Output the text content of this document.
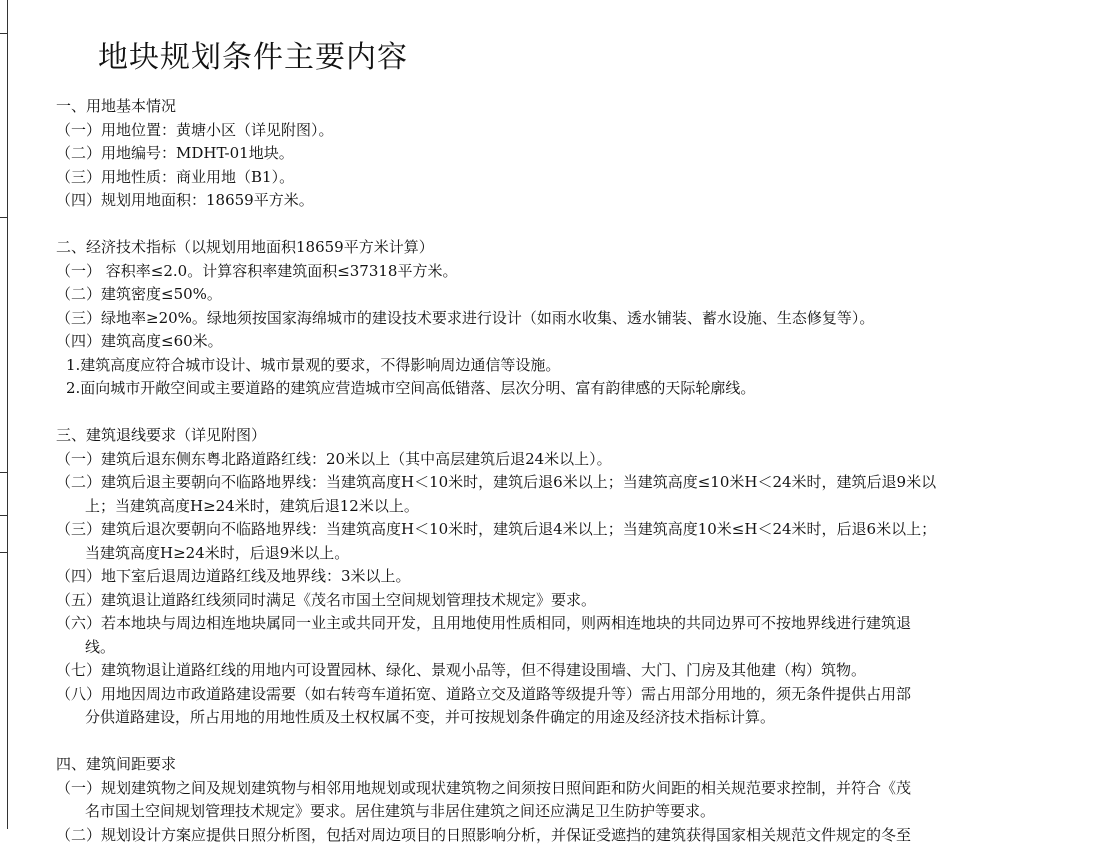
地块规划条件主要内容
一、用地基本情况
（一）用地位置：黄塘小区（详见附图）。
（二）用地编号：MDHT-01地块。
（三）用地性质：商业用地（B1）。
（四）规划用地面积：18659平方米。
二、经济技术指标（以规划用地面积18659平方米计算）
（一） 容积率≤2.0。计算容积率建筑面积≤37318平方米。
（二）建筑密度≤50%。
（三）绿地率≥20%。绿地须按国家海绵城市的建设技术要求进行设计（如雨水收集、透水铺装、蓄水设施、生态修复等）。
（四）建筑高度≤60米。
1.建筑高度应符合城市设计、城市景观的要求，不得影响周边通信等设施。
2.面向城市开敞空间或主要道路的建筑应营造城市空间高低错落、层次分明、富有韵律感的天际轮廓线。
三、建筑退线要求（详见附图）
（一）建筑后退东侧东粤北路道路红线：20米以上（其中高层建筑后退24米以上）。
（二）建筑后退主要朝向不临路地界线：当建筑高度H＜10米时，建筑后退6米以上；当建筑高度≤10米H＜24米时，建筑后退9米以
上；当建筑高度H≥24米时，建筑后退12米以上。
（三）建筑后退次要朝向不临路地界线：当建筑高度H＜10米时，建筑后退4米以上；当建筑高度10米≤H＜24米时，后退6米以上；
当建筑高度H≥24米时，后退9米以上。
（四）地下室后退周边道路红线及地界线：3米以上。
（五）建筑退让道路红线须同时满足《茂名市国土空间规划管理技术规定》要求。
（六）若本地块与周边相连地块属同一业主或共同开发，且用地使用性质相同，则两相连地块的共同边界可不按地界线进行建筑退
线。
（七）建筑物退让道路红线的用地内可设置园林、绿化、景观小品等，但不得建设围墙、大门、门房及其他建（构）筑物。
（八）用地因周边市政道路建设需要（如右转弯车道拓宽、道路立交及道路等级提升等）需占用部分用地的，须无条件提供占用部
分供道路建设，所占用地的用地性质及土权权属不变，并可按规划条件确定的用途及经济技术指标计算。
四、建筑间距要求
（一）规划建筑物之间及规划建筑物与相邻用地规划或现状建筑物之间须按日照间距和防火间距的相关规范要求控制，并符合《茂
名市国土空间规划管理技术规定》要求。居住建筑与非居住建筑之间还应满足卫生防护等要求。
（二）规划设计方案应提供日照分析图，包括对周边项目的日照影响分析，并保证受遮挡的建筑获得国家相关规范文件规定的冬至
